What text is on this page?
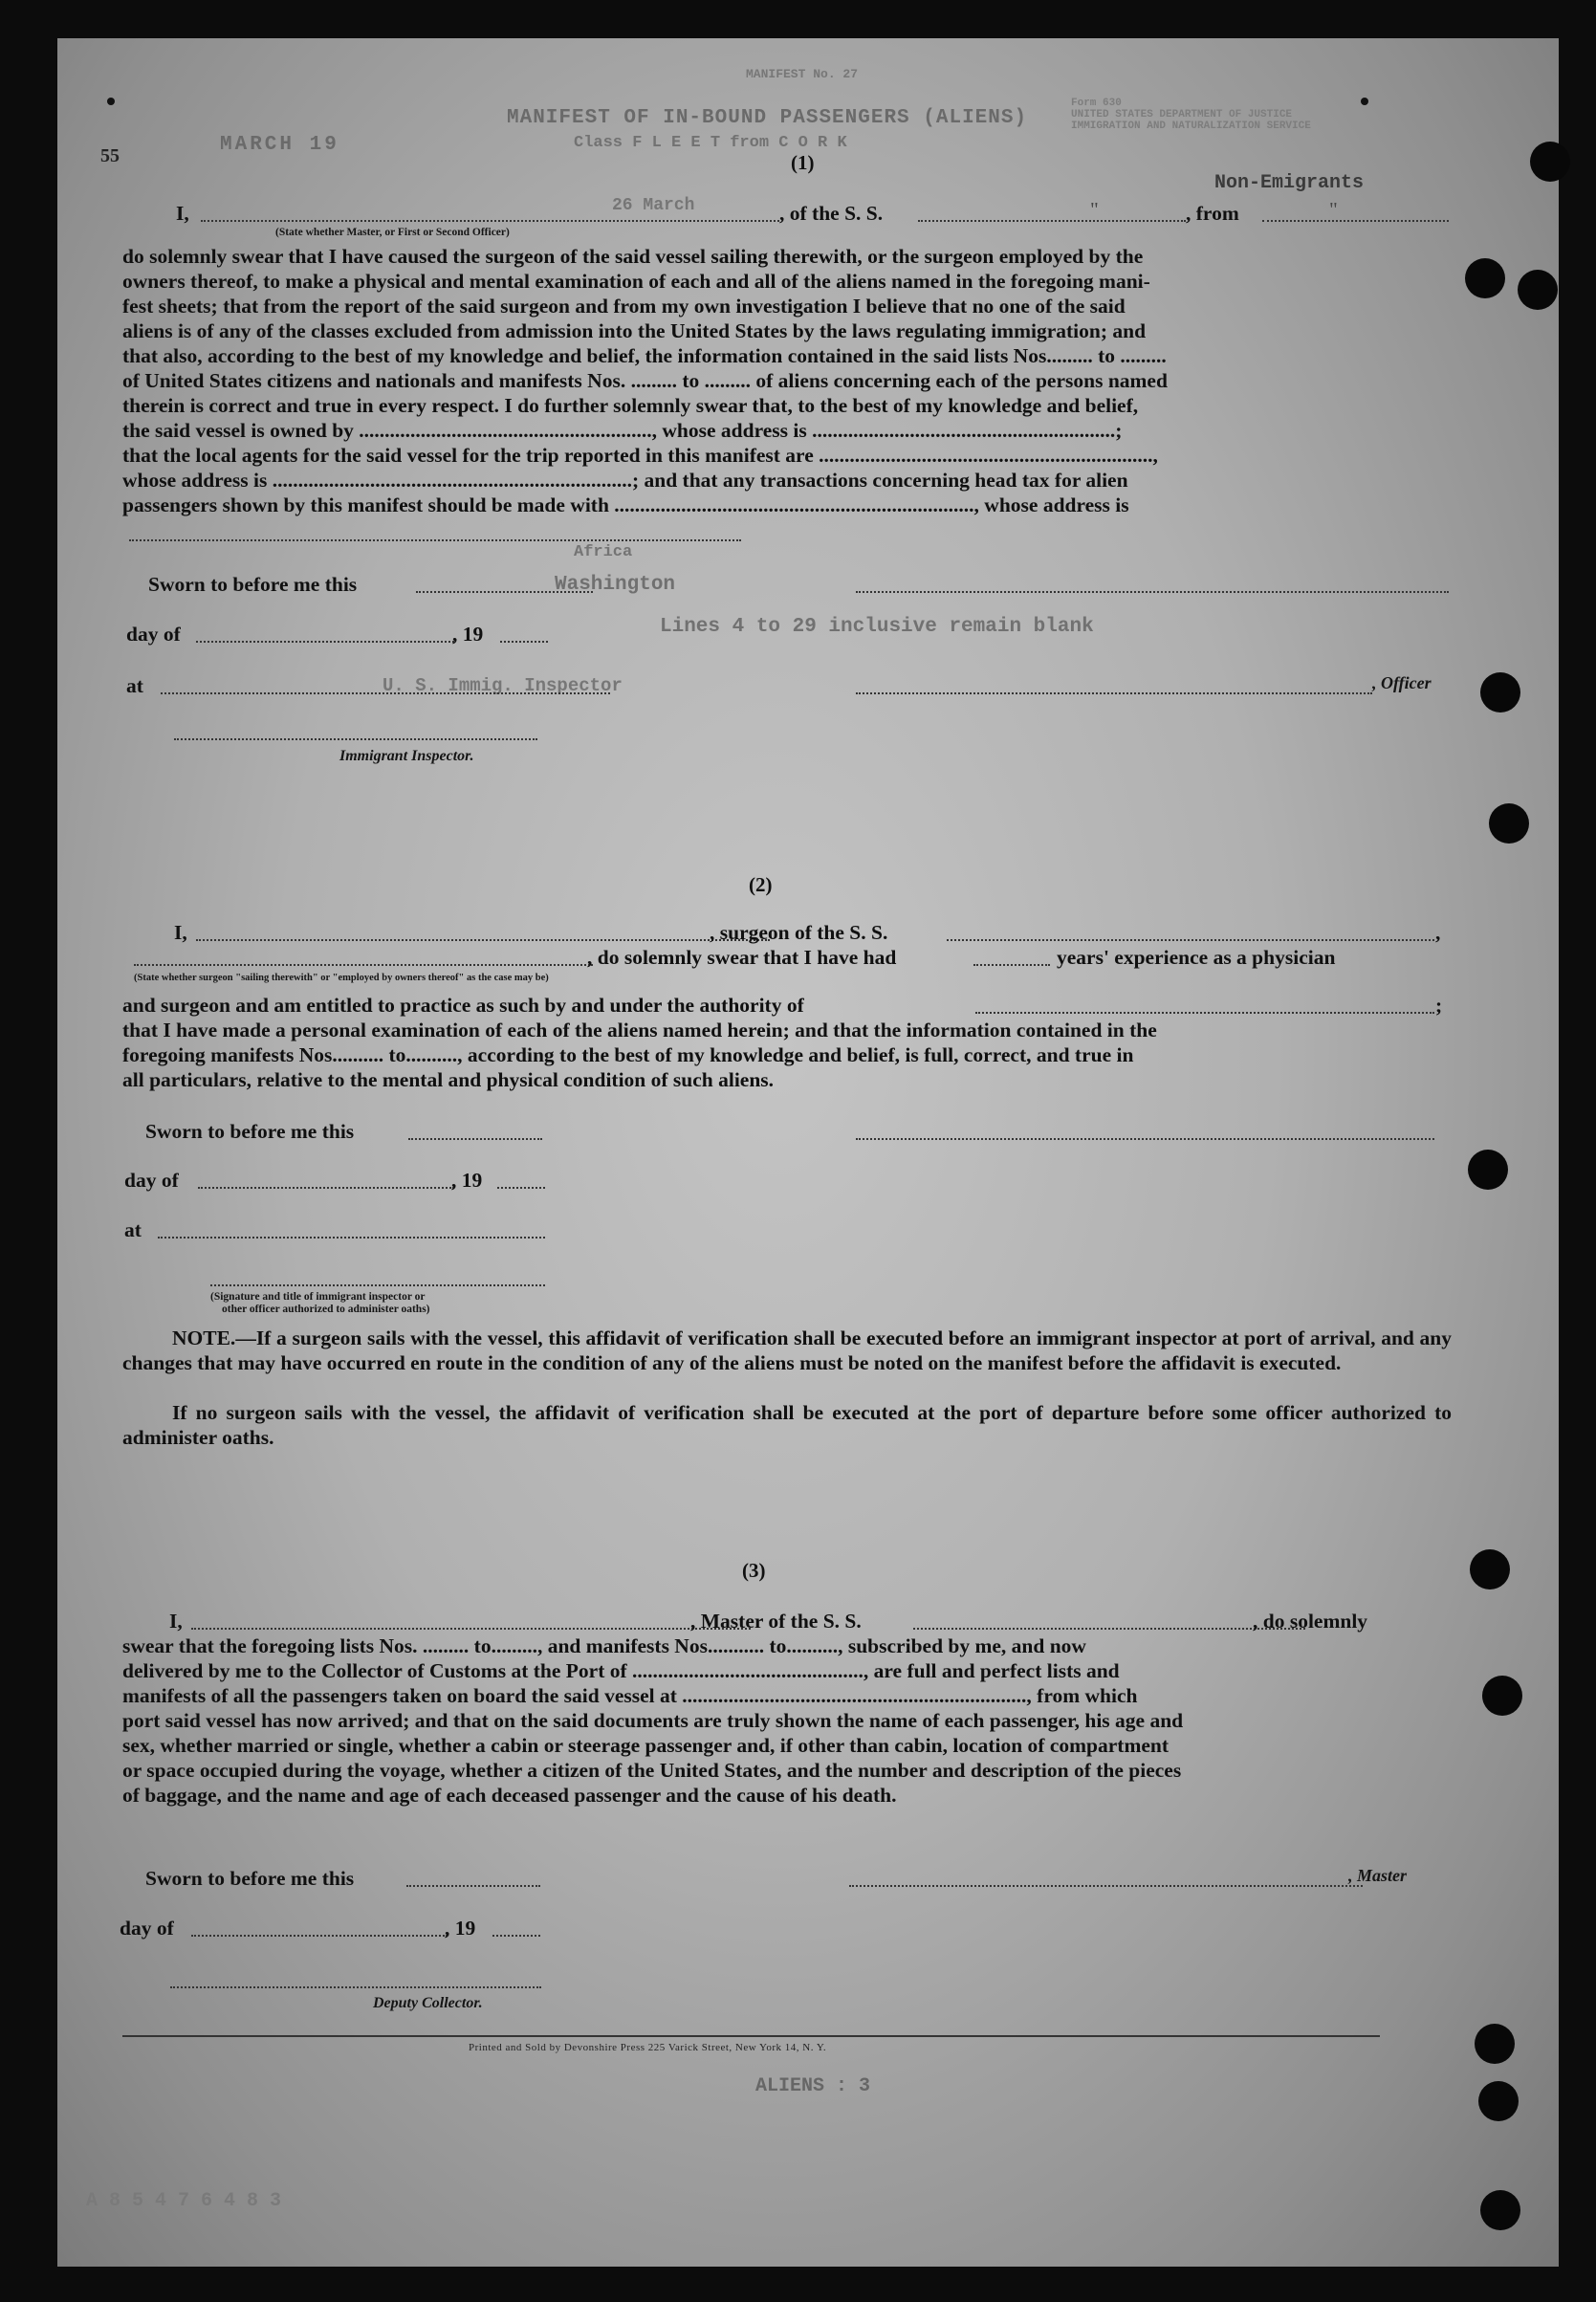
MANIFEST No. 27
MANIFEST OF IN-BOUND PASSENGERS (ALIENS)
Class F L E E T from C O R K
MARCH 19
Form 630
UNITED STATES DEPARTMENT OF JUSTICE
IMMIGRATION AND NATURALIZATION SERVICE
26 March
Non-Emigrants
Washington
Africa
Lines 4 to 29 inclusive remain blank
U. S. Immig. Inspector
ALIENS : 3
A 8 5 4 7 6 4 8 3
55	(1)
I,	, of the S. S.	"	, from	"
(State whether Master, or First or Second Officer)

do solemnly swear that I have caused the surgeon of the said vessel sailing therewith, or the surgeon employed by the

owners thereof, to make a physical and mental examination of each and all of the aliens named in the foregoing mani-

fest sheets; that from the report of the said surgeon and from my own investigation I believe that no one of the said

aliens is of any of the classes excluded from admission into the United States by the laws regulating immigration; and

that also, according to the best of my knowledge and belief, the information contained in the said lists Nos......... to .........

of United States citizens and nationals and manifests Nos. ......... to ......... of aliens concerning each of the persons named

therein is correct and true in every respect. I do further solemnly swear that, to the best of my knowledge and belief,

the said vessel is owned by ........................................................., whose address is ...........................................................;

that the local agents for the said vessel for the trip reported in this manifest are .................................................................,

whose address is ......................................................................; and that any transactions concerning head tax for alien

passengers shown by this manifest should be made with ......................................................................, whose address is

Sworn to before me this
day of	, 19
at	, Officer
Immigrant Inspector.
(2)
I,	, surgeon of the S. S.	,
, do solemnly swear that I have had	years' experience as a physician
(State whether surgeon "sailing therewith" or "employed by owners thereof" as the case may be)
and surgeon and am entitled to practice as such by and under the authority of	;

that I have made a personal examination of each of the aliens named herein; and that the information contained in the

foregoing manifests Nos.......... to.........., according to the best of my knowledge and belief, is full, correct, and true in

all particulars, relative to the mental and physical condition of such aliens.

Sworn to before me this
day of	, 19
at
(Signature and title of immigrant inspector or
other officer authorized to administer oaths)
NOTE.—If a surgeon sails with the vessel, this affidavit of verification shall be executed before an immigrant inspector at port of arrival, and any changes that may have occurred en route in the condition of any of the aliens must be noted on the manifest before the affidavit is executed.
If no surgeon sails with the vessel, the affidavit of verification shall be executed at the port of departure before some officer authorized to administer oaths.
(3)
I,	, Master of the S. S.	, do solemnly

swear that the foregoing lists Nos. ......... to........., and manifests Nos........... to.........., subscribed by me, and now

delivered by me to the Collector of Customs at the Port of ............................................., are full and perfect lists and

manifests of all the passengers taken on board the said vessel at ..................................................................., from which

port said vessel has now arrived; and that on the said documents are truly shown the name of each passenger, his age and

sex, whether married or single, whether a cabin or steerage passenger and, if other than cabin, location of compartment

or space occupied during the voyage, whether a citizen of the United States, and the number and description of the pieces

of baggage, and the name and age of each deceased passenger and the cause of his death.

Sworn to before me this	, Master
day of	, 19
Deputy Collector.
Printed and Sold by Devonshire Press 225 Varick Street, New York 14, N. Y.
